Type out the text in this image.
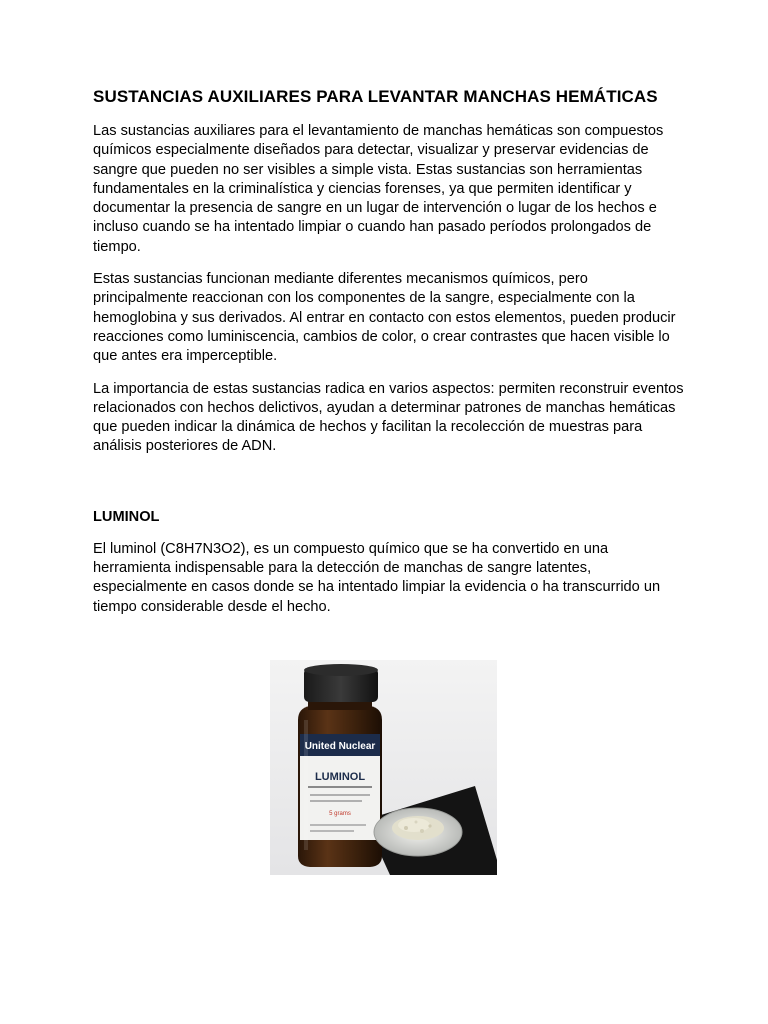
SUSTANCIAS AUXILIARES PARA LEVANTAR MANCHAS HEMÁTICAS

Las sustancias auxiliares para el levantamiento de manchas hemáticas son compuestos químicos especialmente diseñados para detectar, visualizar y preservar evidencias de sangre que pueden no ser visibles a simple vista. Estas sustancias son herramientas fundamentales en la criminalística y ciencias forenses, ya que permiten identificar y documentar la presencia de sangre en un lugar de intervención o lugar de los hechos e incluso cuando se ha intentado limpiar o cuando han pasado períodos prolongados de tiempo.

Estas sustancias funcionan mediante diferentes mecanismos químicos, pero principalmente reaccionan con los componentes de la sangre, especialmente con la hemoglobina y sus derivados. Al entrar en contacto con estos elementos, pueden producir reacciones como luminiscencia, cambios de color, o crear contrastes que hacen visible lo que antes era imperceptible.

La importancia de estas sustancias radica en varios aspectos: permiten reconstruir eventos relacionados con hechos delictivos, ayudan a determinar patrones de manchas hemáticas que pueden indicar la dinámica de hechos y facilitan la recolección de muestras para análisis posteriores de ADN.

LUMINOL

El luminol (C8H7N3O2), es un compuesto químico que se ha convertido en una herramienta indispensable para la detección de manchas de sangre latentes, especialmente en casos donde se ha intentado limpiar la evidencia o ha transcurrido un tiempo considerable desde el hecho.

United Nuclear
LUMINOL
5 grams
